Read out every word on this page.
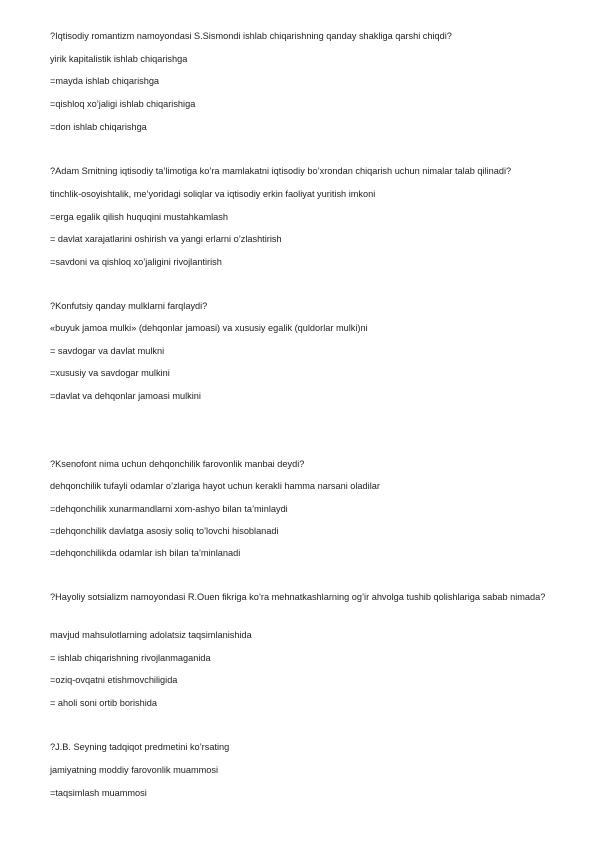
?Iqtisodiy romantizm namoyondasi S.Sismondi ishlab chiqarishning qanday shakliga qarshi chiqdi?
yirik kapitalistik ishlab chiqarishga
=mayda ishlab chiqarishga
=qishloq xo’jaligi ishlab chiqarishiga
=don ishlab chiqarishga
?Adam Smitning iqtisodiy ta’limotiga ko’ra mamlakatni iqtisodiy bo’xrondan chiqarish uchun nimalar talab qilinadi?
tinchlik-osoyishtalik, me’yoridagi soliqlar va iqtisodiy erkin faoliyat yuritish imkoni
=erga egalik qilish huquqini mustahkamlash
= davlat xarajatlarini oshirish va yangi erlarni o’zlashtirish
=savdoni va qishloq xo’jaligini rivojlantirish
?Konfutsiy qanday mulklarni farqlaydi?
«buyuk jamoa mulki» (dehqonlar jamoasi) va xususiy egalik (quldorlar mulki)ni
= savdogar va davlat mulkni
=xususiy va savdogar mulkini
=davlat va dehqonlar jamoasi mulkini
?Ksenofont nima uchun dehqonchilik farovonlik manbai deydi?
dehqonchilik tufayli odamlar o’zlariga hayot uchun kerakli hamma narsani oladilar
=dehqonchilik xunarmandlarni xom-ashyo bilan ta’minlaydi
=dehqonchilik davlatga asosiy soliq to’lovchi hisoblanadi
=dehqonchilikda odamlar ish bilan ta’minlanadi
?Hayoliy sotsializm namoyondasi R.Ouen fikriga ko’ra mehnatkashlarning og’ir ahvolga tushib qolishlariga sabab nimada?
mavjud mahsulotlarning adolatsiz taqsimlanishida
= ishlab chiqarishning rivojlanmaganida
=oziq-ovqatni etishmovchiligida
= aholi soni ortib borishida
?J.B. Seyning tadqiqot predmetini ko’rsating
jamiyatning moddiy farovonlik muammosi
=taqsimlash muammosi
